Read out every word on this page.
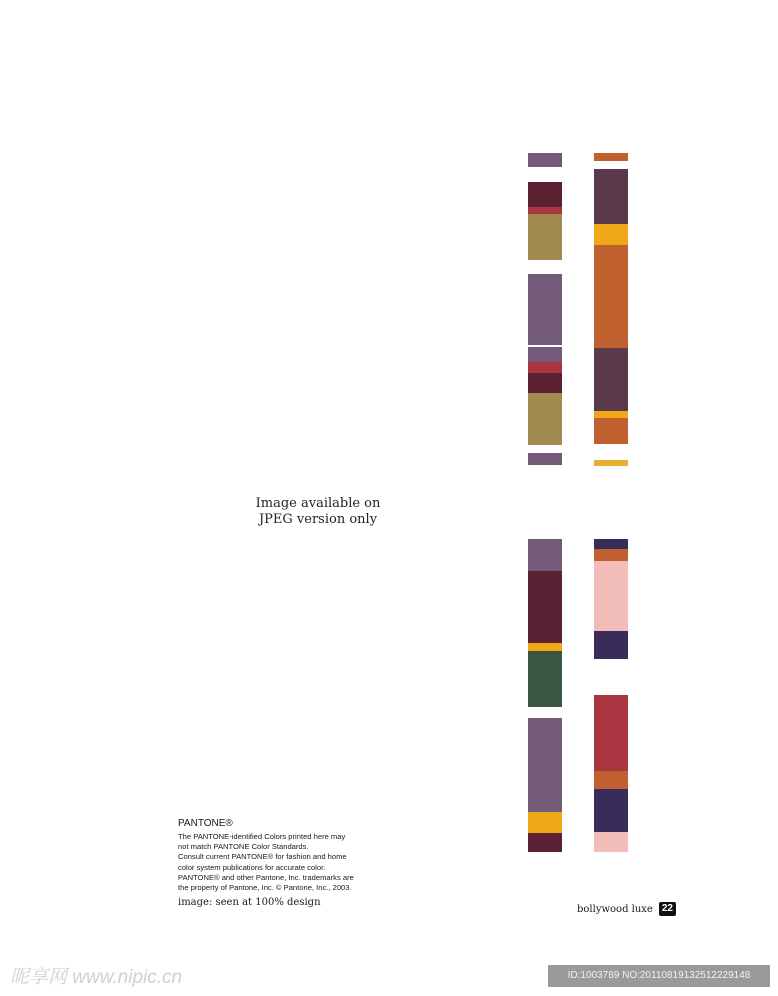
Image available on
JPEG version only
PANTONE®
The PANTONE-identified Colors printed here may
not match PANTONE Color Standards.
Consult current PANTONE® for fashion and home
color system publications for accurate color.
PANTONE® and other Pantone, Inc. trademarks are
the property of Pantone, Inc. © Pantone, Inc., 2003.
image: seen at 100% design
bollywood luxe 22
昵享网 www.nipic.cn	ID:1003789 NO:20110819132512229148
